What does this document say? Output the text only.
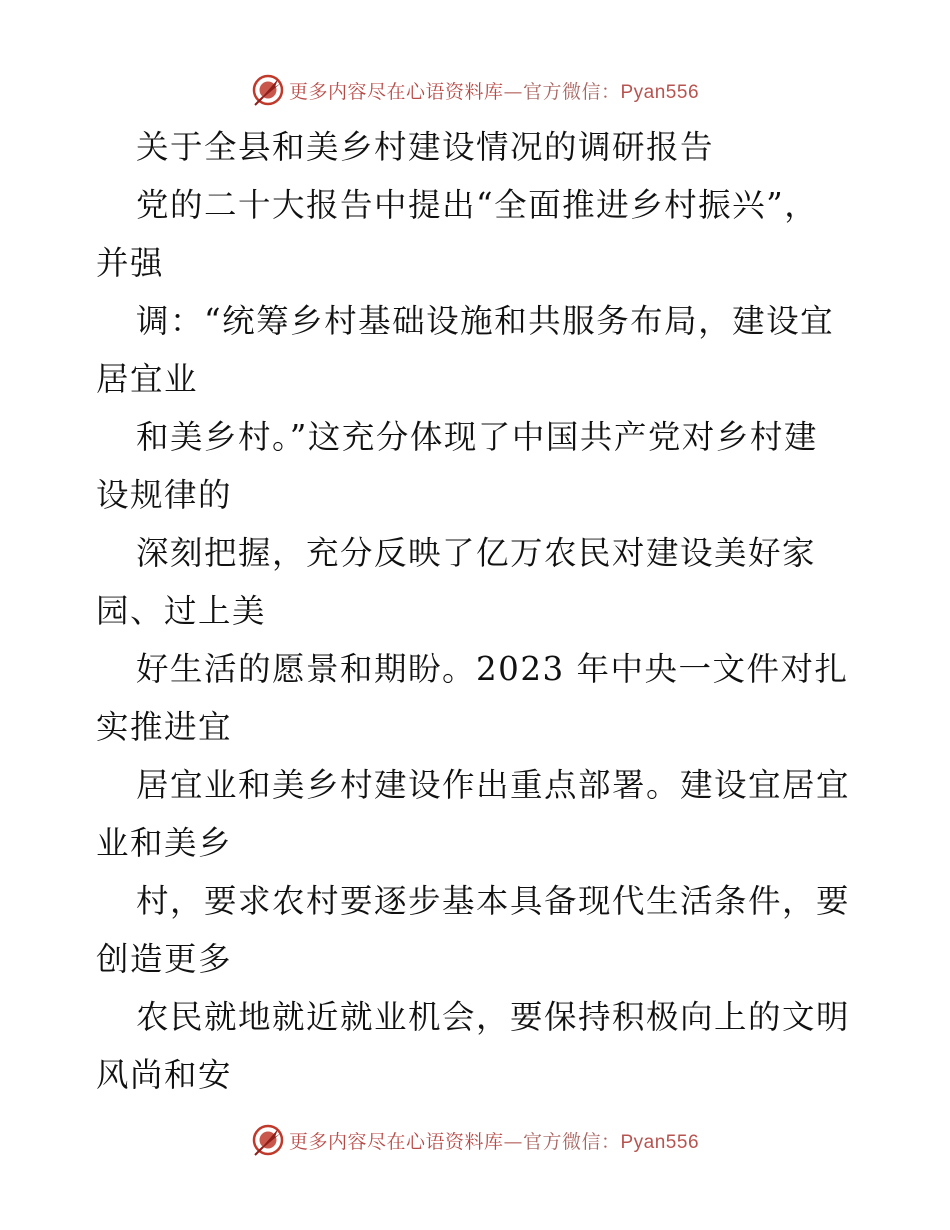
更多内容尽在心语资料库—官方微信：Pyan556
关于全县和美乡村建设情况的调研报告
党的二十大报告中提出“全面推进乡村振兴”，
并强
调：“统筹乡村基础设施和共服务布局，建设宜
居宜业
和美乡村。”这充分体现了中国共产党对乡村建
设规律的
深刻把握，充分反映了亿万农民对建设美好家
园、过上美
好生活的愿景和期盼。2023 年中央一文件对扎
实推进宜
居宜业和美乡村建设作出重点部署。建设宜居宜
业和美乡
村，要求农村要逐步基本具备现代生活条件，要
创造更多
农民就地就近就业机会，要保持积极向上的文明
风尚和安
更多内容尽在心语资料库—官方微信：Pyan556
